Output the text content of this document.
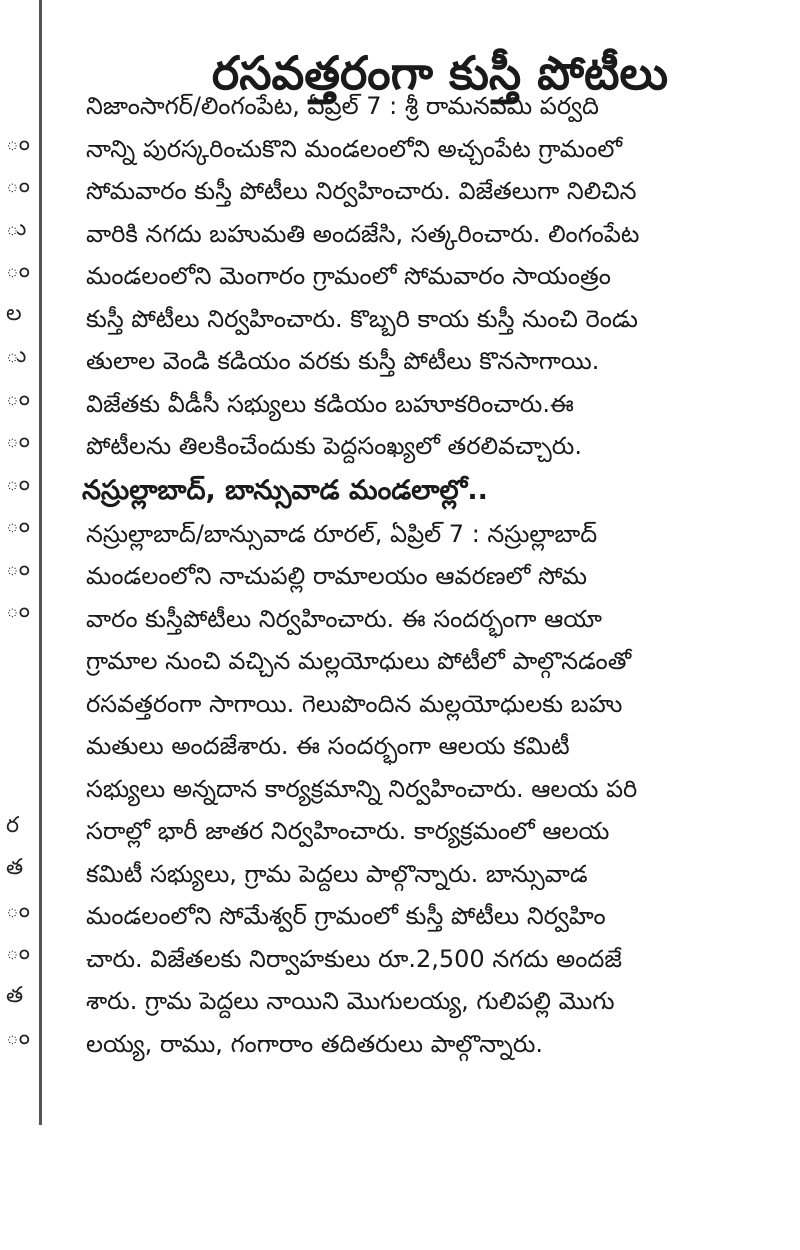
ం
ం
ు
ం
ల
ు
ం
ం
ం
ం
ం
ం
ర
త
ం
ం
త
ం
రసవత్తరంగా కుస్తీ పోటీలు
నిజాంసాగర్/లింగంపేట, ఏప్రిల్ 7 : శ్రీ రామనవమి పర్వది
నాన్ని పురస్కరించుకొని మండలంలోని అచ్చంపేట గ్రామంలో
సోమవారం కుస్తీ పోటీలు నిర్వహించారు. విజేతలుగా నిలిచిన
వారికి నగదు బహుమతి అందజేసి, సత్కరించారు. లింగంపేట
మండలంలోని మెంగారం గ్రామంలో సోమవారం సాయంత్రం
కుస్తీ పోటీలు నిర్వహించారు. కొబ్బరి కాయ కుస్తీ నుంచి రెండు
తులాల వెండి కడియం వరకు కుస్తీ పోటీలు కొనసాగాయి.
విజేతకు వీడీసీ సభ్యులు కడియం బహూకరించారు.ఈ
పోటీలను తిలకించేందుకు పెద్దసంఖ్యలో తరలివచ్చారు.
నస్రుల్లాబాద్, బాన్సువాడ మండలాల్లో..
నస్రుల్లాబాద్/బాన్సువాడ రూరల్, ఏప్రిల్ 7 : నస్రుల్లాబాద్
మండలంలోని నాచుపల్లి రామాలయం ఆవరణలో సోమ
వారం కుస్తీపోటీలు నిర్వహించారు. ఈ సందర్భంగా ఆయా
గ్రామాల నుంచి వచ్చిన మల్లయోధులు పోటీలో పాల్గొనడంతో
రసవత్తరంగా సాగాయి. గెలుపొందిన మల్లయోధులకు బహు
మతులు అందజేశారు. ఈ సందర్భంగా ఆలయ కమిటీ
సభ్యులు అన్నదాన కార్యక్రమాన్ని నిర్వహించారు. ఆలయ పరి
సరాల్లో భారీ జాతర నిర్వహించారు. కార్యక్రమంలో ఆలయ
కమిటీ సభ్యులు, గ్రామ పెద్దలు పాల్గొన్నారు. బాన్సువాడ
మండలంలోని సోమేశ్వర్ గ్రామంలో కుస్తీ పోటీలు నిర్వహిం
చారు. విజేతలకు నిర్వాహకులు రూ.2,500 నగదు అందజే
శారు. గ్రామ పెద్దలు నాయిని మొగులయ్య, గులిపల్లి మొగు
లయ్య, రాము, గంగారాం తదితరులు పాల్గొన్నారు.
